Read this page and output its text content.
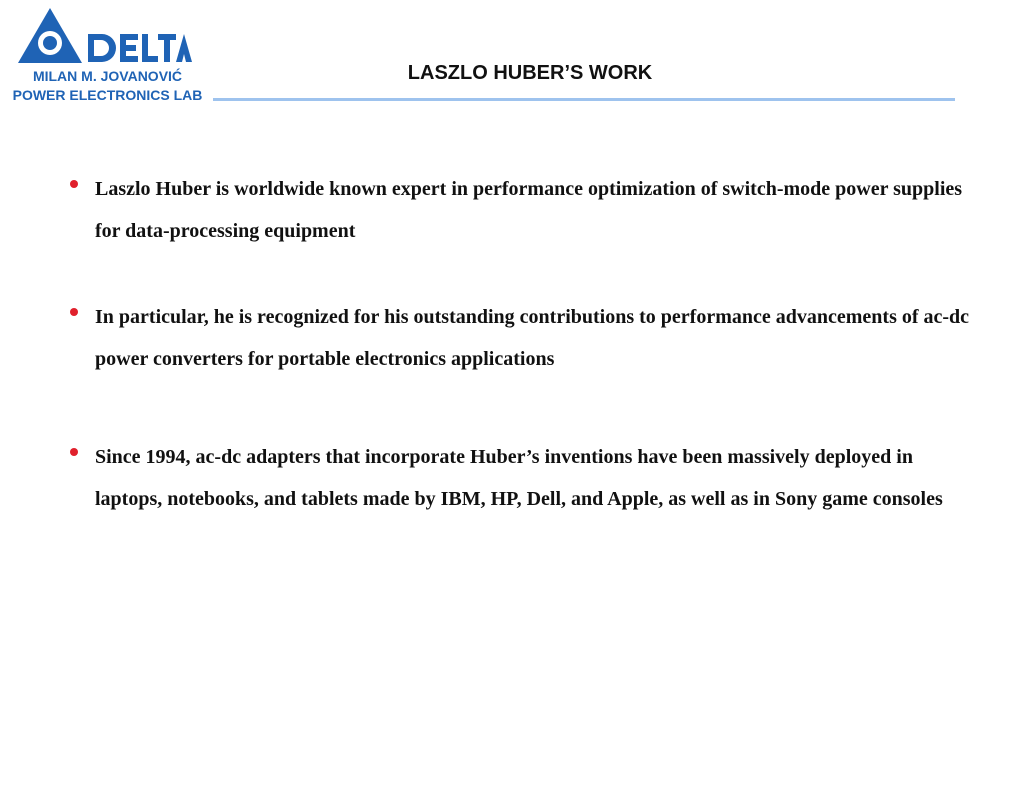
MILAN M. JOVANOVIĆ
POWER ELECTRONICS LAB
LASZLO HUBER’S WORK
Laszlo Huber is worldwide known expert in performance optimization of switch-mode power supplies for data-processing equipment
In particular, he is recognized for his outstanding contributions to performance advancements of ac-dc power converters for portable electronics applications
Since 1994, ac-dc adapters that incorporate Huber’s inventions have been massively deployed in laptops, notebooks, and tablets made by IBM, HP, Dell, and Apple, as well as in Sony game consoles
